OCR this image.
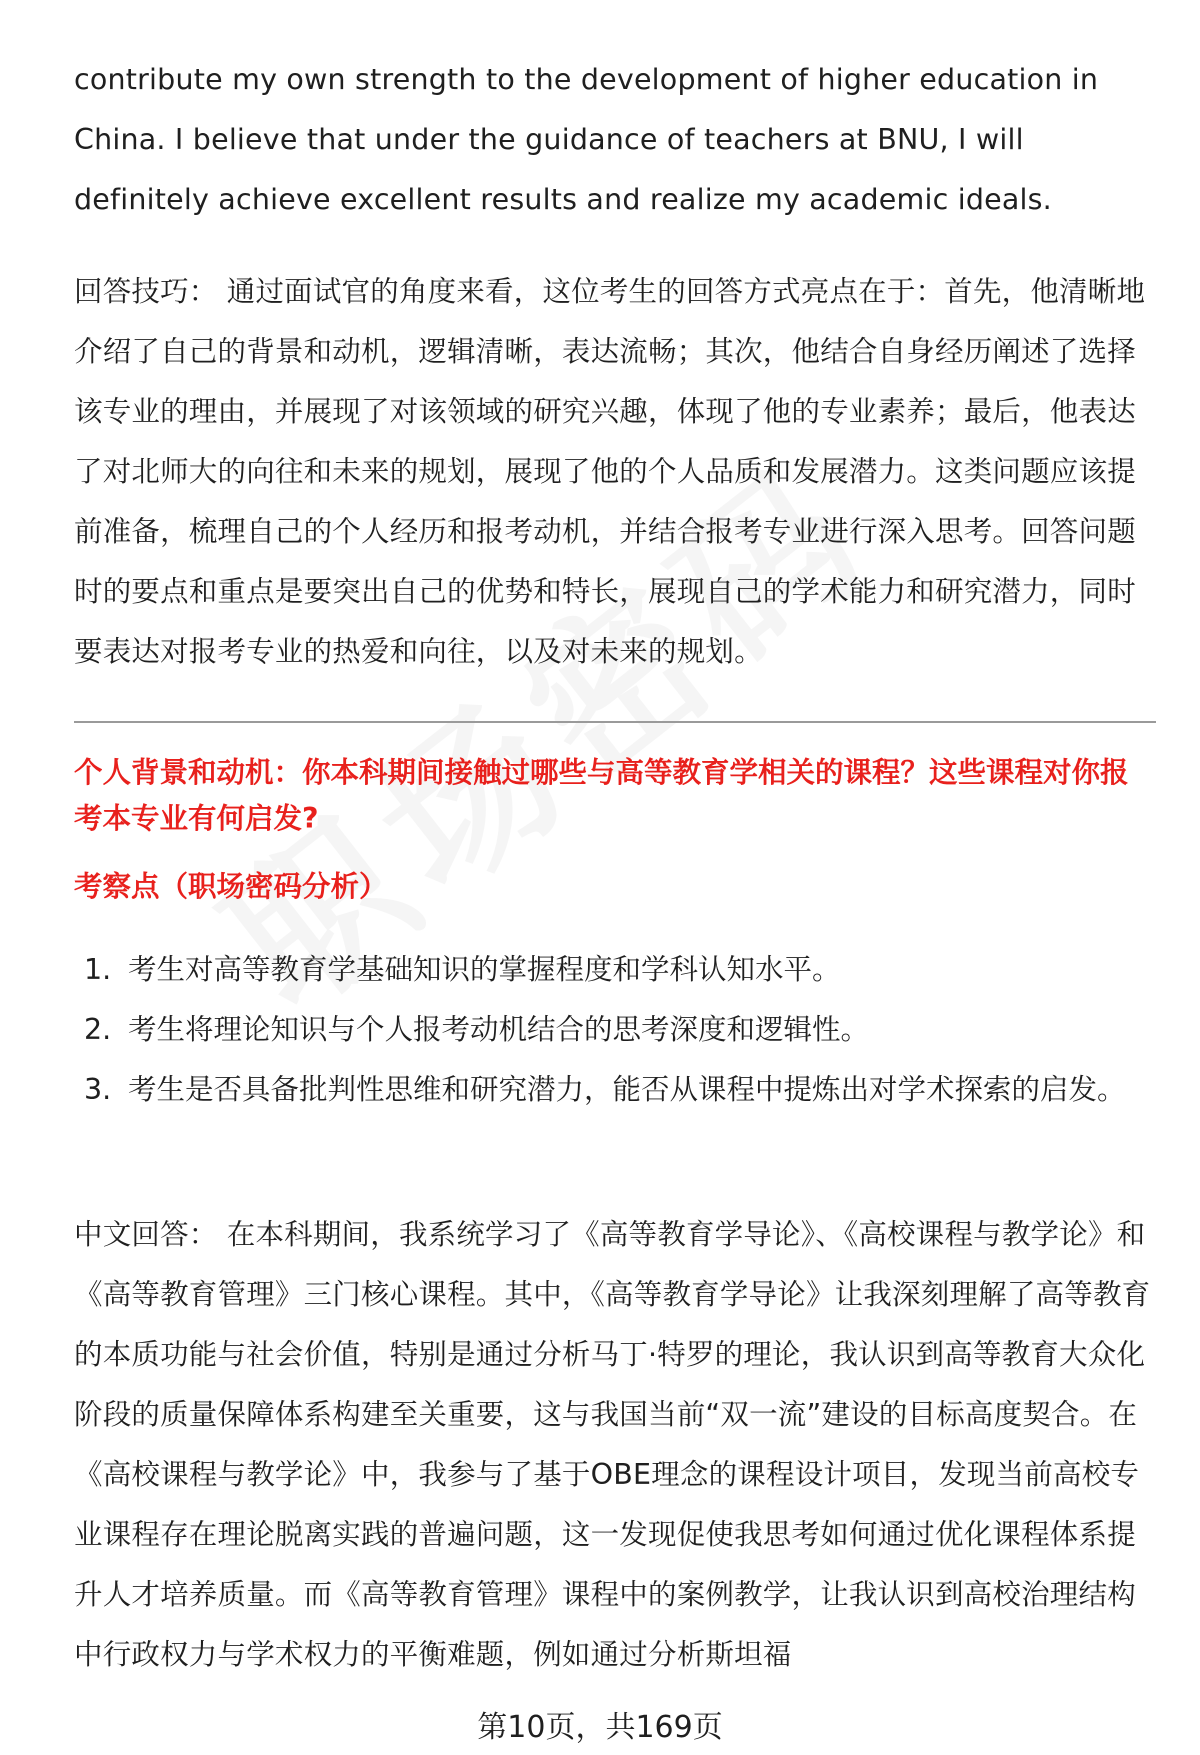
contribute my own strength to the development of higher education in China. I believe that under the guidance of teachers at BNU, I will definitely achieve excellent results and realize my academic ideals.

回答技巧： 通过面试官的角度来看，这位考生的回答方式亮点在于：首先，他清晰地介绍了自己的背景和动机，逻辑清晰，表达流畅；其次，他结合自身经历阐述了选择该专业的理由，并展现了对该领域的研究兴趣，体现了他的专业素养；最后，他表达了对北师大的向往和未来的规划，展现了他的个人品质和发展潜力。这类问题应该提前准备，梳理自己的个人经历和报考动机，并结合报考专业进行深入思考。回答问题时的要点和重点是要突出自己的优势和特长，展现自己的学术能力和研究潜力，同时要表达对报考专业的热爱和向往，以及对未来的规划。

个人背景和动机：你本科期间接触过哪些与高等教育学相关的课程？这些课程对你报考本专业有何启发?
考察点（职场密码分析）
1. 考生对高等教育学基础知识的掌握程度和学科认知水平。
2. 考生将理论知识与个人报考动机结合的思考深度和逻辑性。
3. 考生是否具备批判性思维和研究潜力，能否从课程中提炼出对学术探索的启发。

中文回答： 在本科期间，我系统学习了《高等教育学导论》、《高校课程与教学论》和《高等教育管理》三门核心课程。其中，《高等教育学导论》让我深刻理解了高等教育的本质功能与社会价值，特别是通过分析马丁·特罗的理论，我认识到高等教育大众化阶段的质量保障体系构建至关重要，这与我国当前“双一流”建设的目标高度契合。在《高校课程与教学论》中，我参与了基于OBE理念的课程设计项目，发现当前高校专业课程存在理论脱离实践的普遍问题，这一发现促使我思考如何通过优化课程体系提升人才培养质量。而《高等教育管理》课程中的案例教学，让我认识到高校治理结构中行政权力与学术权力的平衡难题，例如通过分析斯坦福

第10页，共169页
